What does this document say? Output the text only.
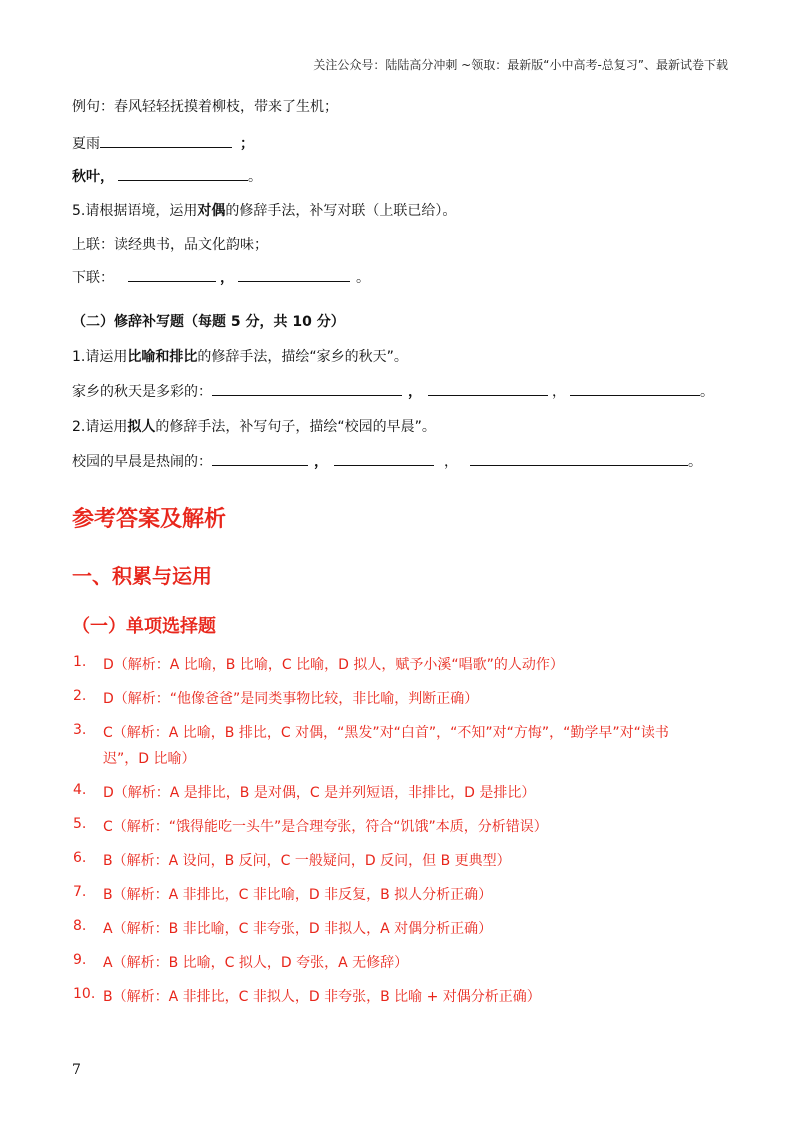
关注公众号：陆陆高分冲刺 ~领取：最新版“小中高考-总复习”、最新试卷下载
例句：春风轻轻抚摸着柳枝，带来了生机；
夏雨	；
秋叶，	。
5.请根据语境，运用对偶的修辞手法，补写对联（上联已给）。
上联：读经典书，品文化韵味；
下联：	，	。
（二）修辞补写题（每题 5 分，共 10 分）
1.请运用比喻和排比的修辞手法，描绘“家乡的秋天”。
家乡的秋天是多彩的：	，	，	。
2.请运用拟人的修辞手法，补写句子，描绘“校园的早晨”。
校园的早晨是热闹的：	，	，	。
参考答案及解析
一、积累与运用
（一）单项选择题
1. D（解析：A 比喻，B 比喻，C 比喻，D 拟人，赋予小溪“唱歌”的人动作）
2. D（解析：“他像爸爸”是同类事物比较，非比喻，判断正确）
3. C（解析：A 比喻，B 排比，C 对偶，“黑发”对“白首”，“不知”对“方悔”，“勤学早”对“读书
迟”，D 比喻）
4. D（解析：A 是排比，B 是对偶，C 是并列短语，非排比，D 是排比）
5. C（解析：“饿得能吃一头牛”是合理夸张，符合“饥饿”本质，分析错误）
6. B（解析：A 设问，B 反问，C 一般疑问，D 反问，但 B 更典型）
7. B（解析：A 非排比，C 非比喻，D 非反复，B 拟人分析正确）
8. A（解析：B 非比喻，C 非夸张，D 非拟人，A 对偶分析正确）
9. A（解析：B 比喻，C 拟人，D 夸张，A 无修辞）
10. B（解析：A 非排比，C 非拟人，D 非夸张，B 比喻 + 对偶分析正确）
7
